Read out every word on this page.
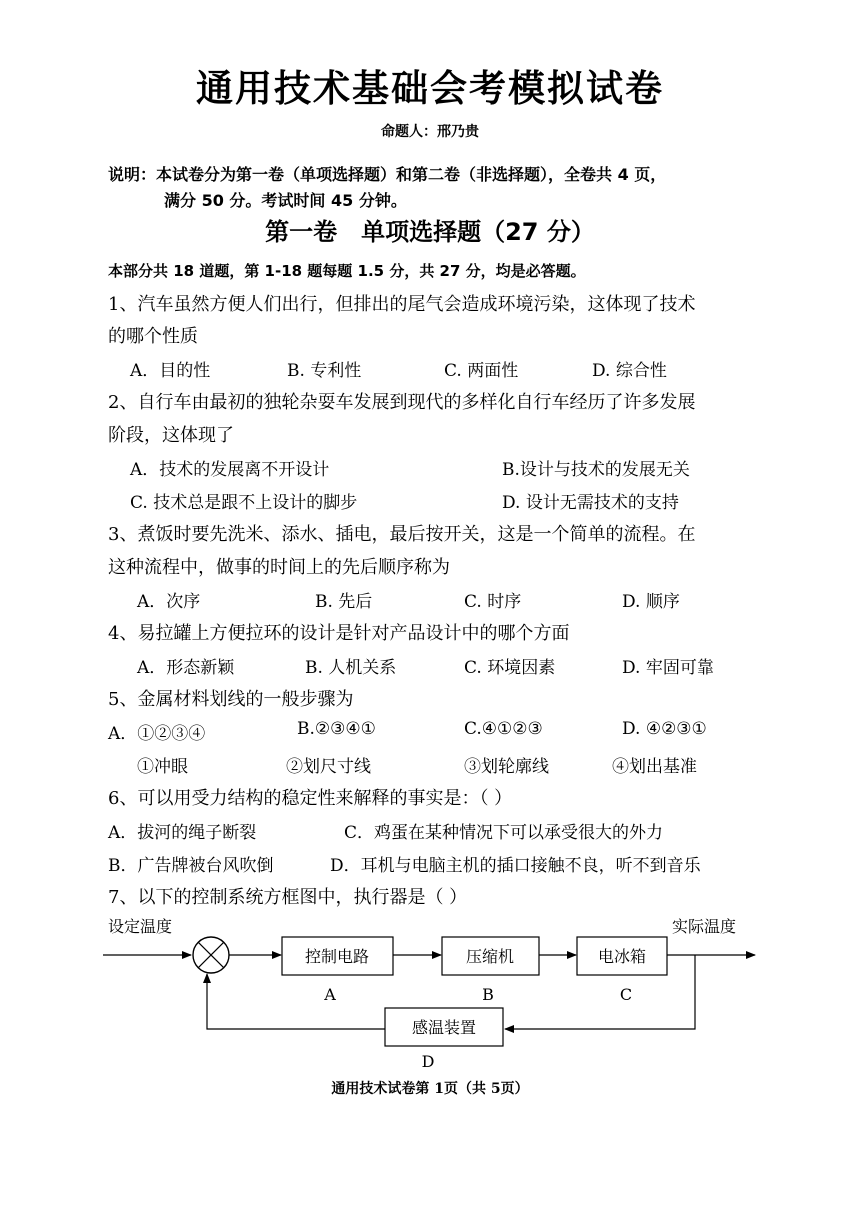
通用技术基础会考模拟试卷
命题人：邢乃贵
说明：本试卷分为第一卷（单项选择题）和第二卷（非选择题），全卷共 4 页，
满分 50 分。考试时间 45 分钟。
第一卷　单项选择题（27 分）
本部分共 18 道题，第 1-18 题每题 1.5 分，共 27 分，均是必答题。
1、汽车虽然方便人们出行，但排出的尾气会造成环境污染，这体现了技术
的哪个性质
A．目的性	B. 专利性	C. 两面性	D. 综合性
2、自行车由最初的独轮杂耍车发展到现代的多样化自行车经历了许多发展
阶段，这体现了
A．技术的发展离不开设计	B.设计与技术的发展无关
C. 技术总是跟不上设计的脚步	D. 设计无需技术的支持
3、煮饭时要先洗米、添水、插电，最后按开关，这是一个简单的流程。在
这种流程中，做事的时间上的先后顺序称为
A．次序	B. 先后	C. 时序	D. 顺序
4、易拉罐上方便拉环的设计是针对产品设计中的哪个方面
A．形态新颖	B. 人机关系	C. 环境因素	D. 牢固可靠
5、金属材料划线的一般步骤为
A．①②③④	B.②③④①	C.④①②③	D. ④②③①
①冲眼	②划尺寸线	③划轮廓线	④划出基准
6、可以用受力结构的稳定性来解释的事实是：（ ）
A．拔河的绳子断裂	C．鸡蛋在某种情况下可以承受很大的外力
B．广告牌被台风吹倒	D．耳机与电脑主机的插口接触不良，听不到音乐
7、以下的控制系统方框图中，执行器是（ ）
设定温度	实际温度
控制电路	压缩机	电冰箱
感温装置
A	B	C
D
通用技术试卷第 1页（共 5页）
